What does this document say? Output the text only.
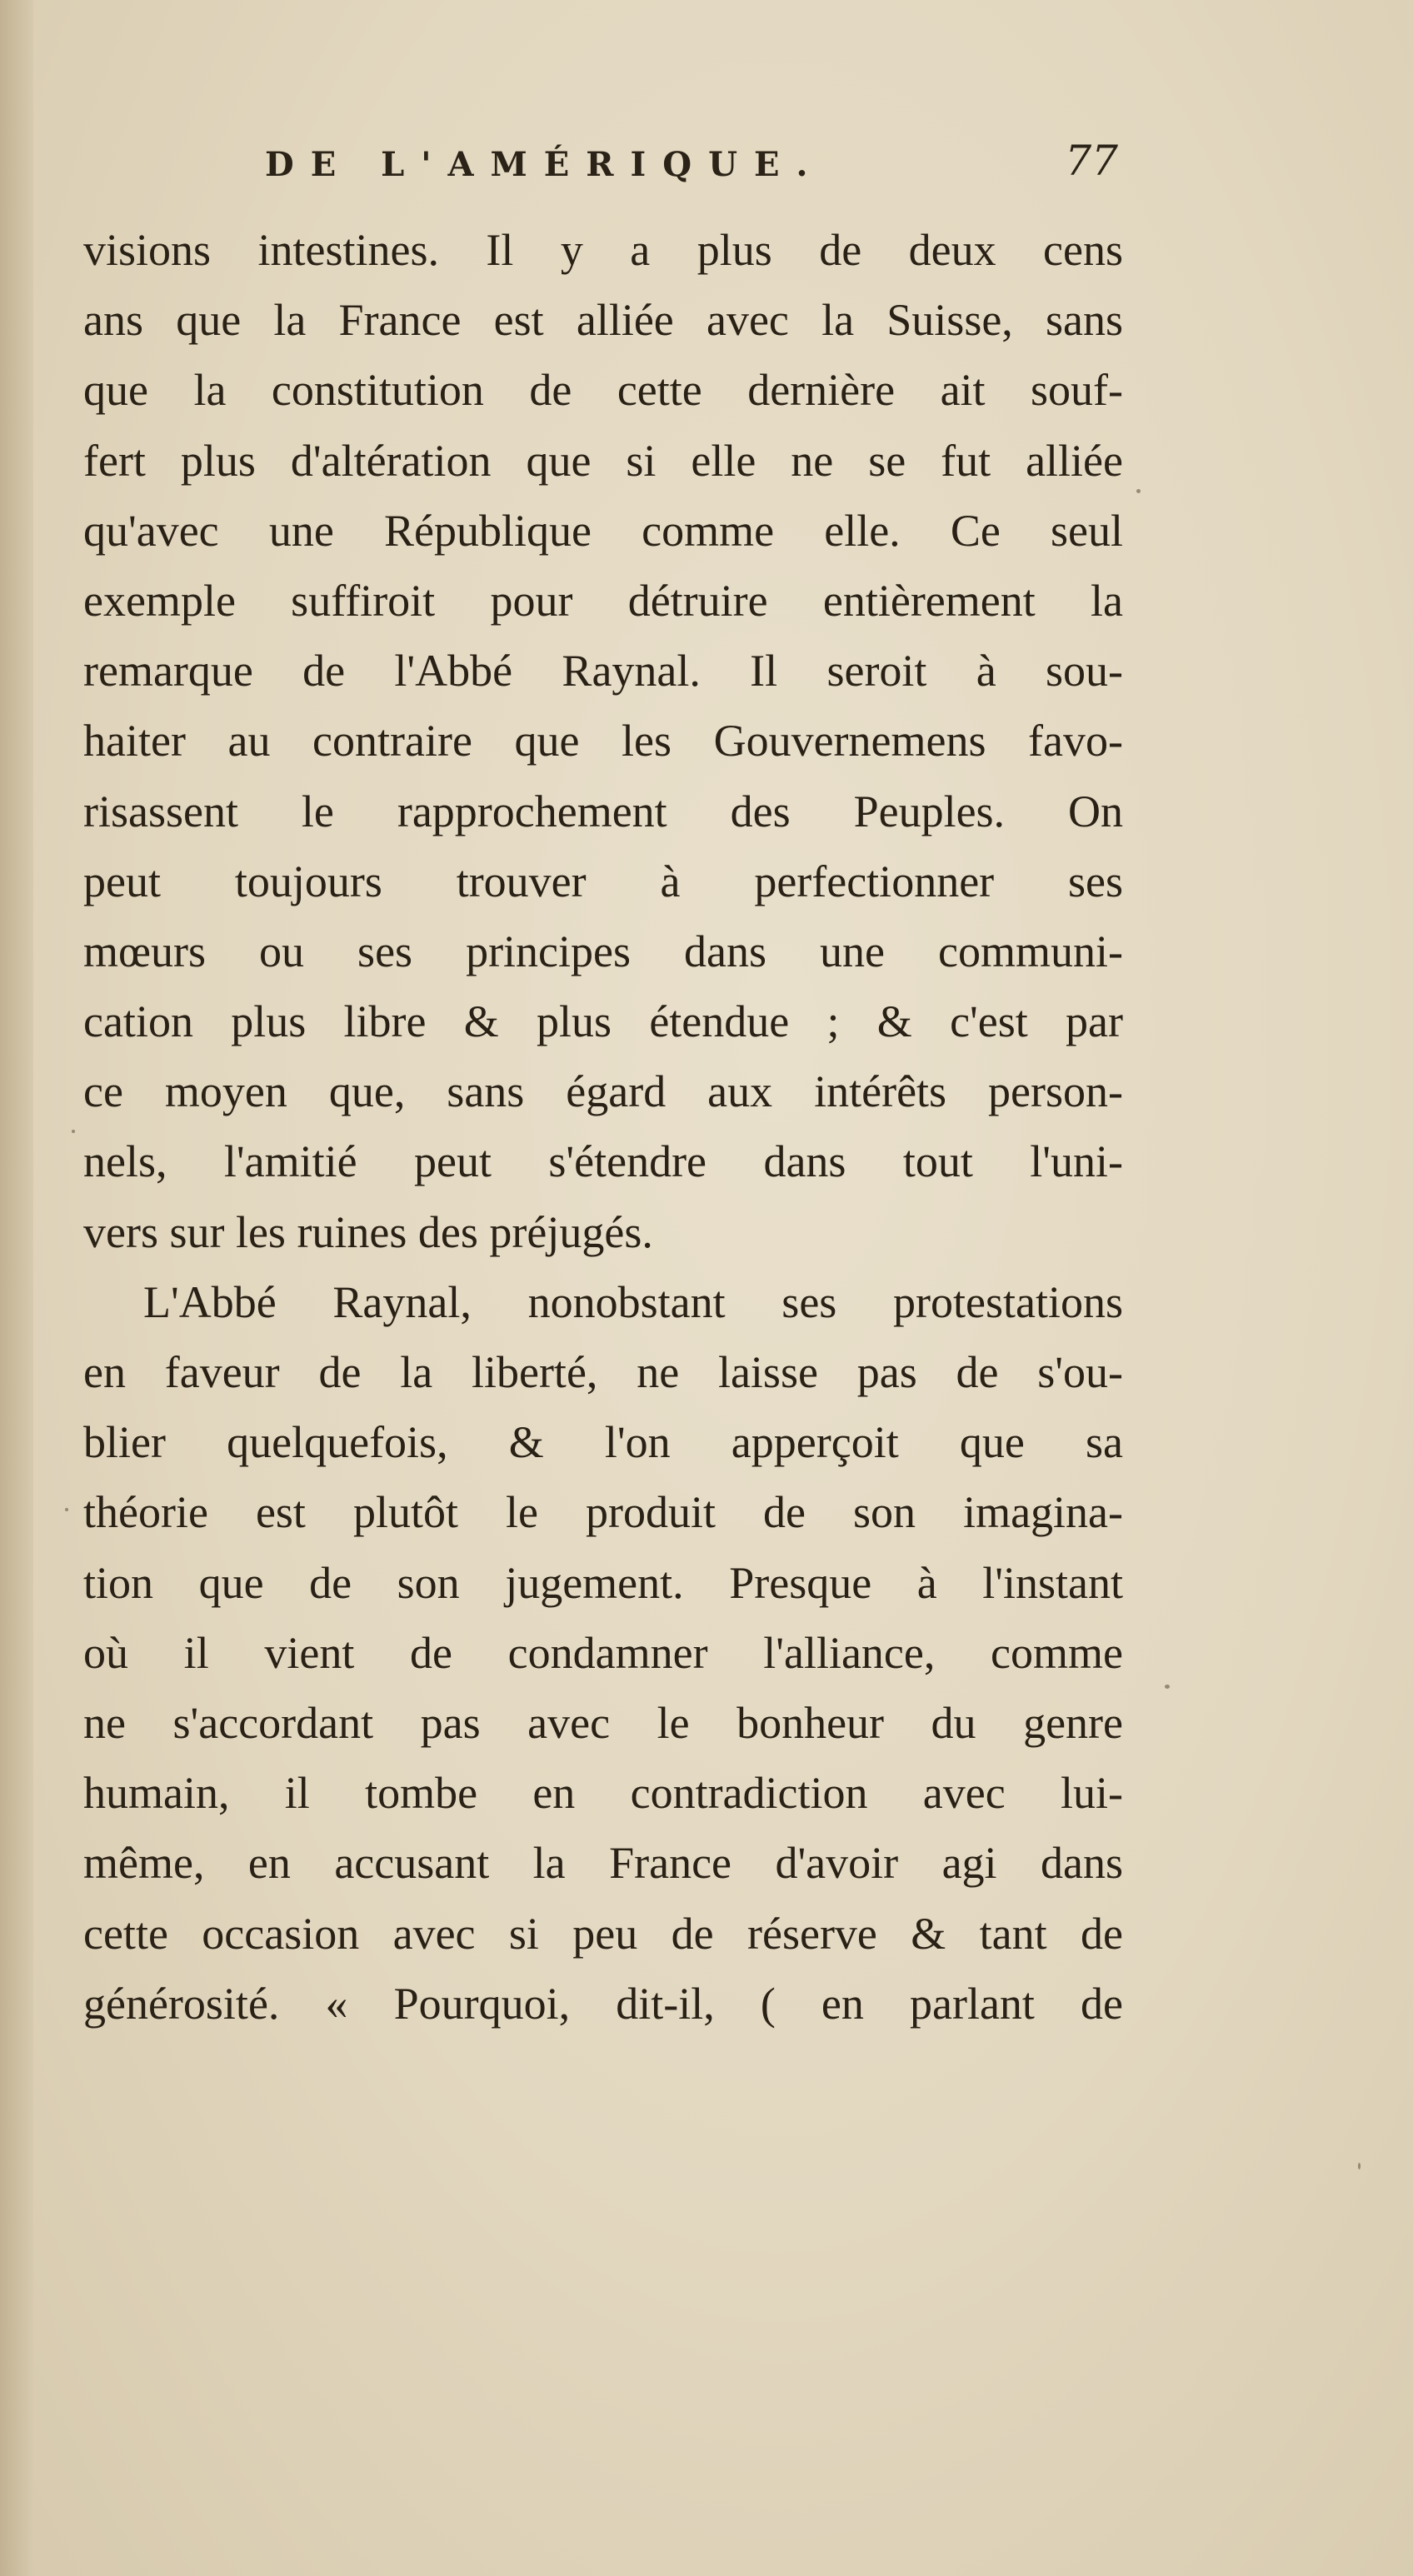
DE L'AMÉRIQUE.	77
visions intestines. Il y a plus de deux cens
ans que la France est alliée avec la Suisse, sans
que la constitution de cette dernière ait souf-
fert plus d'altération que si elle ne se fut alliée
qu'avec une République comme elle. Ce seul
exemple suffiroit pour détruire entièrement la
remarque de l'Abbé Raynal. Il seroit à sou-
haiter au contraire que les Gouvernemens favo-
risassent le rapprochement des Peuples. On
peut toujours trouver à perfectionner ses
mœurs ou ses principes dans une communi-
cation plus libre & plus étendue ; & c'est par
ce moyen que, sans égard aux intérêts person-
nels, l'amitié peut s'étendre dans tout l'uni-
vers sur les ruines des préjugés.
L'Abbé Raynal, nonobstant ses protestations
en faveur de la liberté, ne laisse pas de s'ou-
blier quelquefois, & l'on apperçoit que sa
théorie est plutôt le produit de son imagina-
tion que de son jugement. Presque à l'instant
où il vient de condamner l'alliance, comme
ne s'accordant pas avec le bonheur du genre
humain, il tombe en contradiction avec lui-
même, en accusant la France d'avoir agi dans
cette occasion avec si peu de réserve & tant de
générosité. « Pourquoi, dit-il, ( en parlant de
